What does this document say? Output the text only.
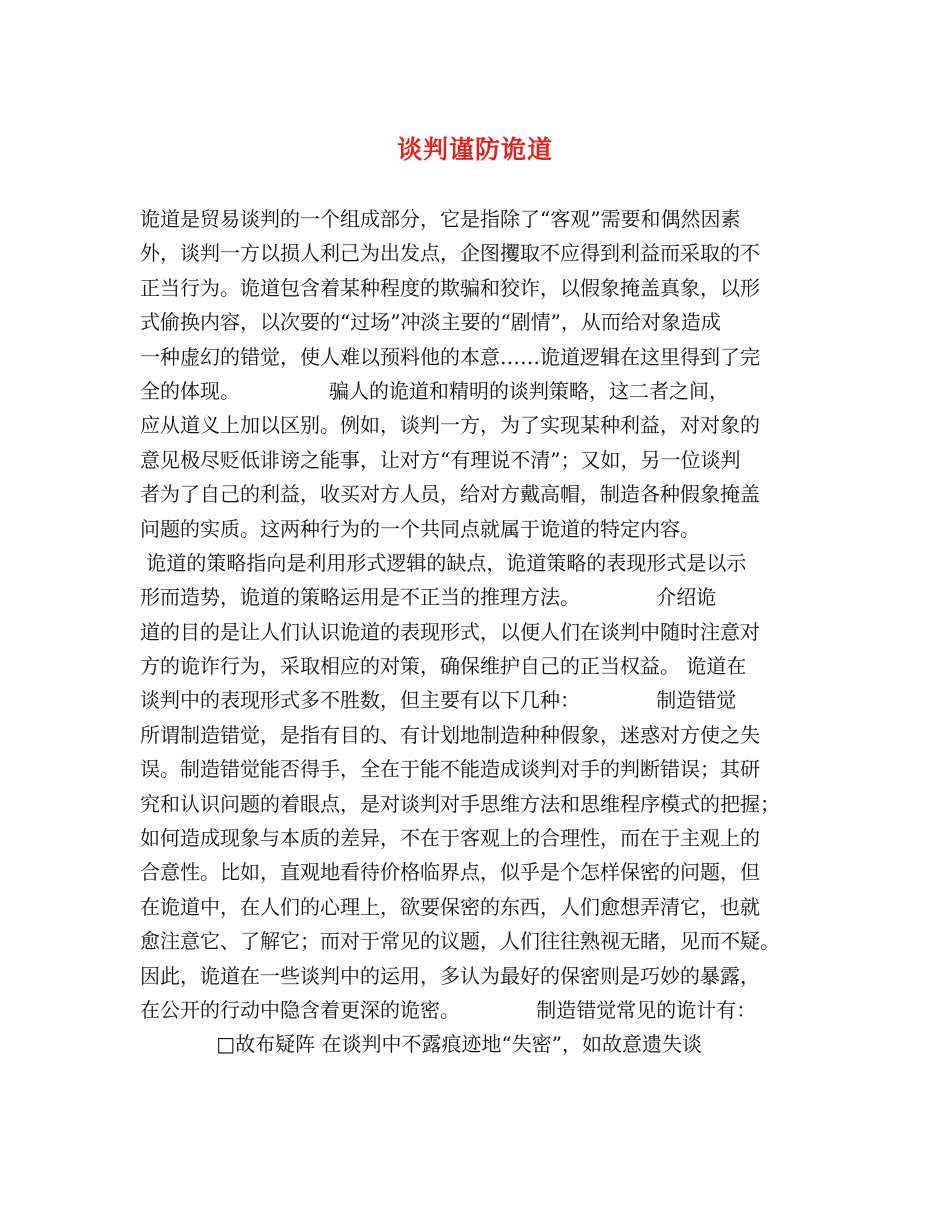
谈判谨防诡道
诡道是贸易谈判的一个组成部分，它是指除了“客观”需要和偶然因素
外，谈判一方以损人利己为出发点，企图攫取不应得到利益而采取的不
正当行为。诡道包含着某种程度的欺骗和狡诈，以假象掩盖真象，以形
式偷换内容，以次要的“过场”冲淡主要的“剧情”，从而给对象造成
一种虚幻的错觉，使人难以预料他的本意……诡道逻辑在这里得到了完
全的体现。              骗人的诡道和精明的谈判策略，这二者之间，
应从道义上加以区别。例如，谈判一方，为了实现某种利益，对对象的
意见极尽贬低诽谤之能事，让对方“有理说不清”；又如，另一位谈判
者为了自己的利益，收买对方人员，给对方戴高帽，制造各种假象掩盖
问题的实质。这两种行为的一个共同点就属于诡道的特定内容。
诡道的策略指向是利用形式逻辑的缺点，诡道策略的表现形式是以示
形而造势，诡道的策略运用是不正当的推理方法。            介绍诡
道的目的是让人们认识诡道的表现形式，以便人们在谈判中随时注意对
方的诡诈行为，采取相应的对策，确保维护自己的正当权益。 诡道在
谈判中的表现形式多不胜数，但主要有以下几种：            制造错觉
所谓制造错觉，是指有目的、有计划地制造种种假象，迷惑对方使之失
误。制造错觉能否得手，全在于能不能造成谈判对手的判断错误；其研
究和认识问题的着眼点，是对谈判对手思维方法和思维程序模式的把握；
如何造成现象与本质的差异，不在于客观上的合理性，而在于主观上的
合意性。比如，直观地看待价格临界点，似乎是个怎样保密的问题，但
在诡道中，在人们的心理上，欲要保密的东西，人们愈想弄清它，也就
愈注意它、了解它；而对于常见的议题，人们往往熟视无睹，见而不疑。
因此，诡道在一些谈判中的运用，多认为最好的保密则是巧妙的暴露，
在公开的行动中隐含着更深的诡密。            制造错觉常见的诡计有：
□故布疑阵 在谈判中不露痕迹地“失密”，如故意遗失谈
